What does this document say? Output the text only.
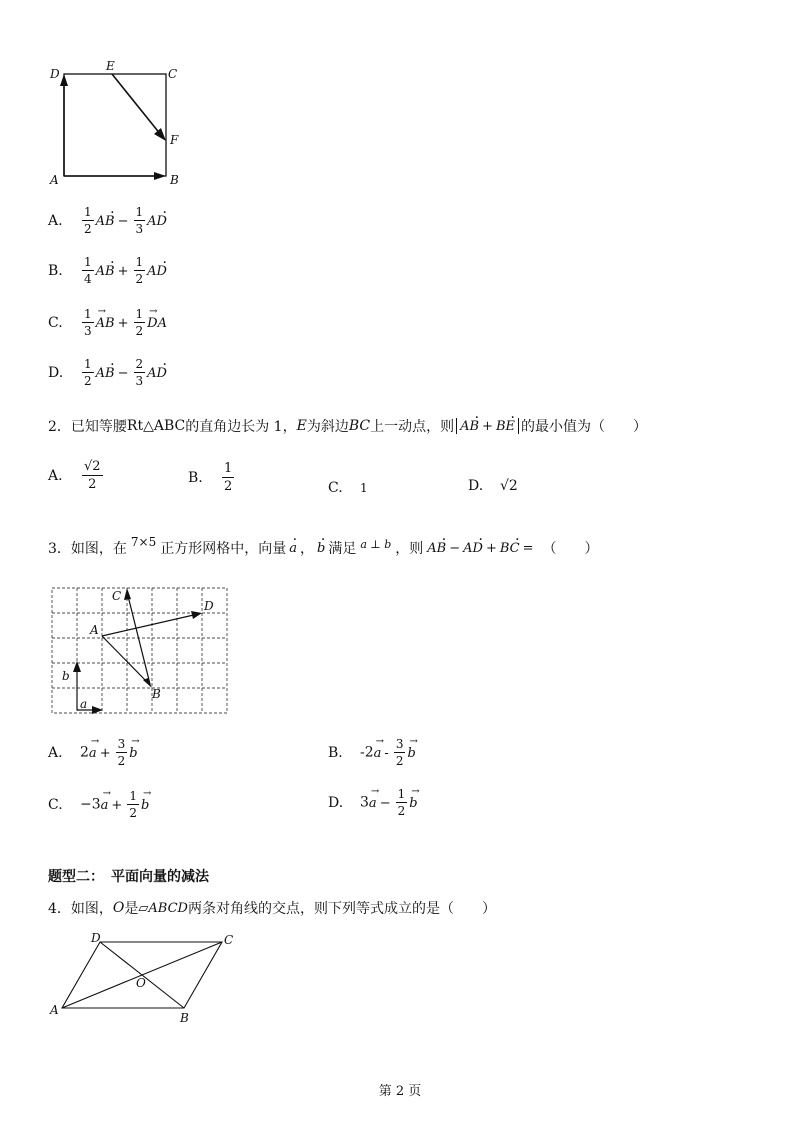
D
E
C
F
A	B
A.	$\frac{1}{2}$
· AB − $\frac{1}{3}$
· AD
B.	$\frac{1}{4}$
· AB + $\frac{1}{2}$
· AD
C.	$\frac{1}{3}$
→ AB + $\frac{1}{2}$
→ DA
D.	$\frac{1}{2}$
· AB − $\frac{2}{3}$
· AD
2．已知等腰 Rt△ABC 的直角边长为 1， E 为斜边 BC 上一动点，则
· AB +· BE 的最小值为（　　）
A.	$\frac{√2}{2}$	B.	$\frac{1}{2}$	C.	1	D.	√2
3．如图，在 7×5 正方形网格中，向量
· a ，
· b 满足 a ⊥ b ，则
· AB −
· AD +
· BC = （　　）
C
D
A
B
b
a
A.	$2\to a + \frac{3}{2}$
→ b	B.	$-2\to a - \frac{3}{2}$
→ b
C.	$-3\to a + \frac{1}{2}$
→ b	D.	$3\to a - \frac{1}{2}$
→ b
题型二：　平面向量的减法
4．如图， O 是 ▱ABCD 两条对角线的交点，则下列等式成立的是（　　）
D	C
O
A
B
第 2 页
